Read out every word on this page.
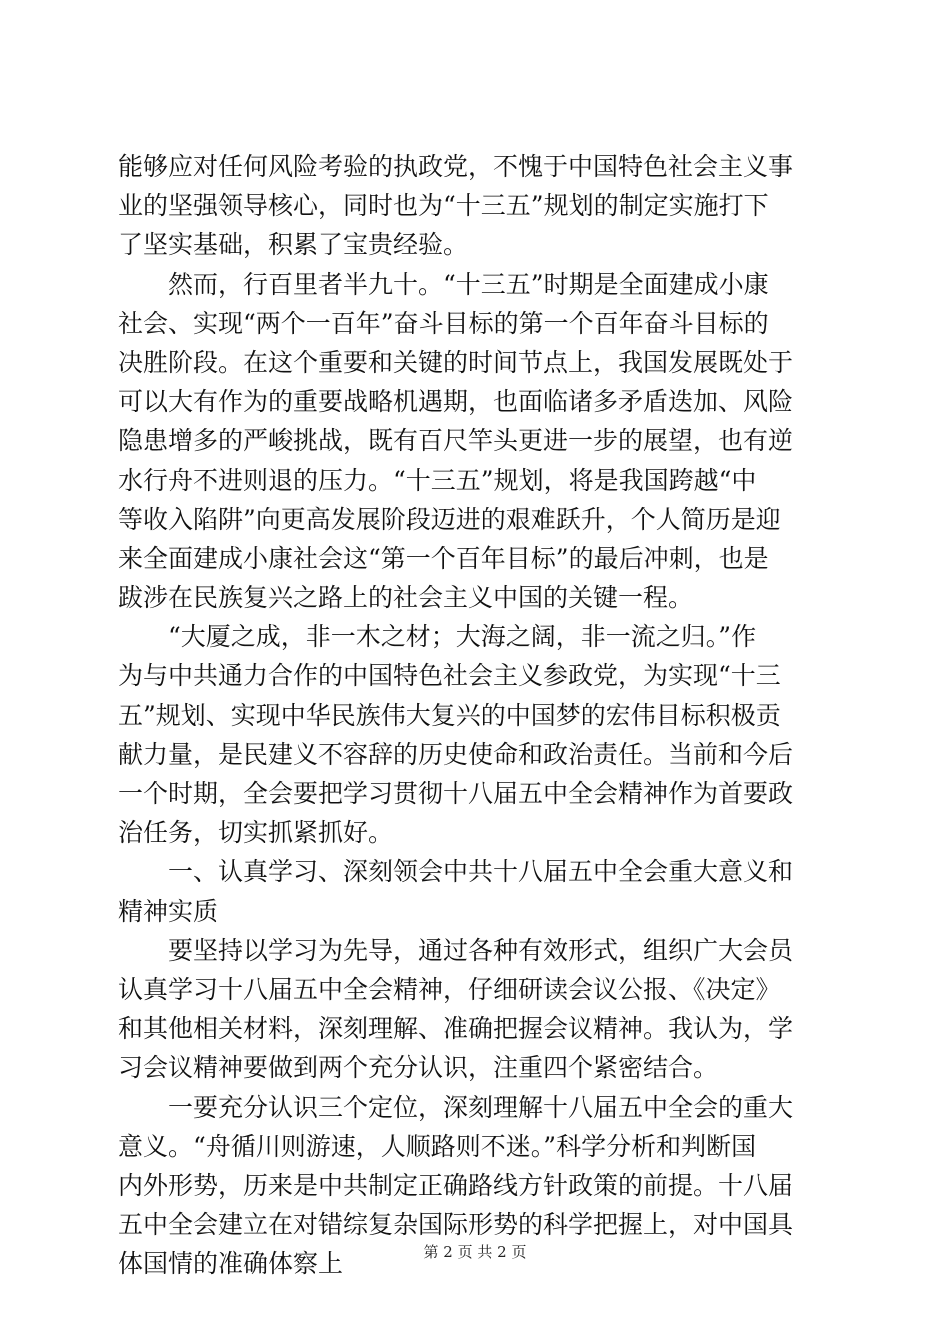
能够应对任何风险考验的执政党，不愧于中国特色社会主义事
业的坚强领导核心，同时也为“十三五”规划的制定实施打下
了坚实基础，积累了宝贵经验。
　　然而，行百里者半九十。“十三五”时期是全面建成小康
社会、实现“两个一百年”奋斗目标的第一个百年奋斗目标的
决胜阶段。在这个重要和关键的时间节点上，我国发展既处于
可以大有作为的重要战略机遇期，也面临诸多矛盾迭加、风险
隐患增多的严峻挑战，既有百尺竿头更进一步的展望，也有逆
水行舟不进则退的压力。“十三五”规划，将是我国跨越“中
等收入陷阱”向更高发展阶段迈进的艰难跃升，个人简历是迎
来全面建成小康社会这“第一个百年目标”的最后冲刺，也是
跋涉在民族复兴之路上的社会主义中国的关键一程。
　　“大厦之成，非一木之材；大海之阔，非一流之归。”作
为与中共通力合作的中国特色社会主义参政党，为实现“十三
五”规划、实现中华民族伟大复兴的中国梦的宏伟目标积极贡
献力量，是民建义不容辞的历史使命和政治责任。当前和今后
一个时期，全会要把学习贯彻十八届五中全会精神作为首要政
治任务，切实抓紧抓好。
　　一、认真学习、深刻领会中共十八届五中全会重大意义和
精神实质
　　要坚持以学习为先导，通过各种有效形式，组织广大会员
认真学习十八届五中全会精神，仔细研读会议公报、《决定》
和其他相关材料，深刻理解、准确把握会议精神。我认为，学
习会议精神要做到两个充分认识，注重四个紧密结合。
　　一要充分认识三个定位，深刻理解十八届五中全会的重大
意义。“舟循川则游速，人顺路则不迷。”科学分析和判断国
内外形势，历来是中共制定正确路线方针政策的前提。十八届
五中全会建立在对错综复杂国际形势的科学把握上，对中国具
体国情的准确体察上	第 2 页 共 2 页
